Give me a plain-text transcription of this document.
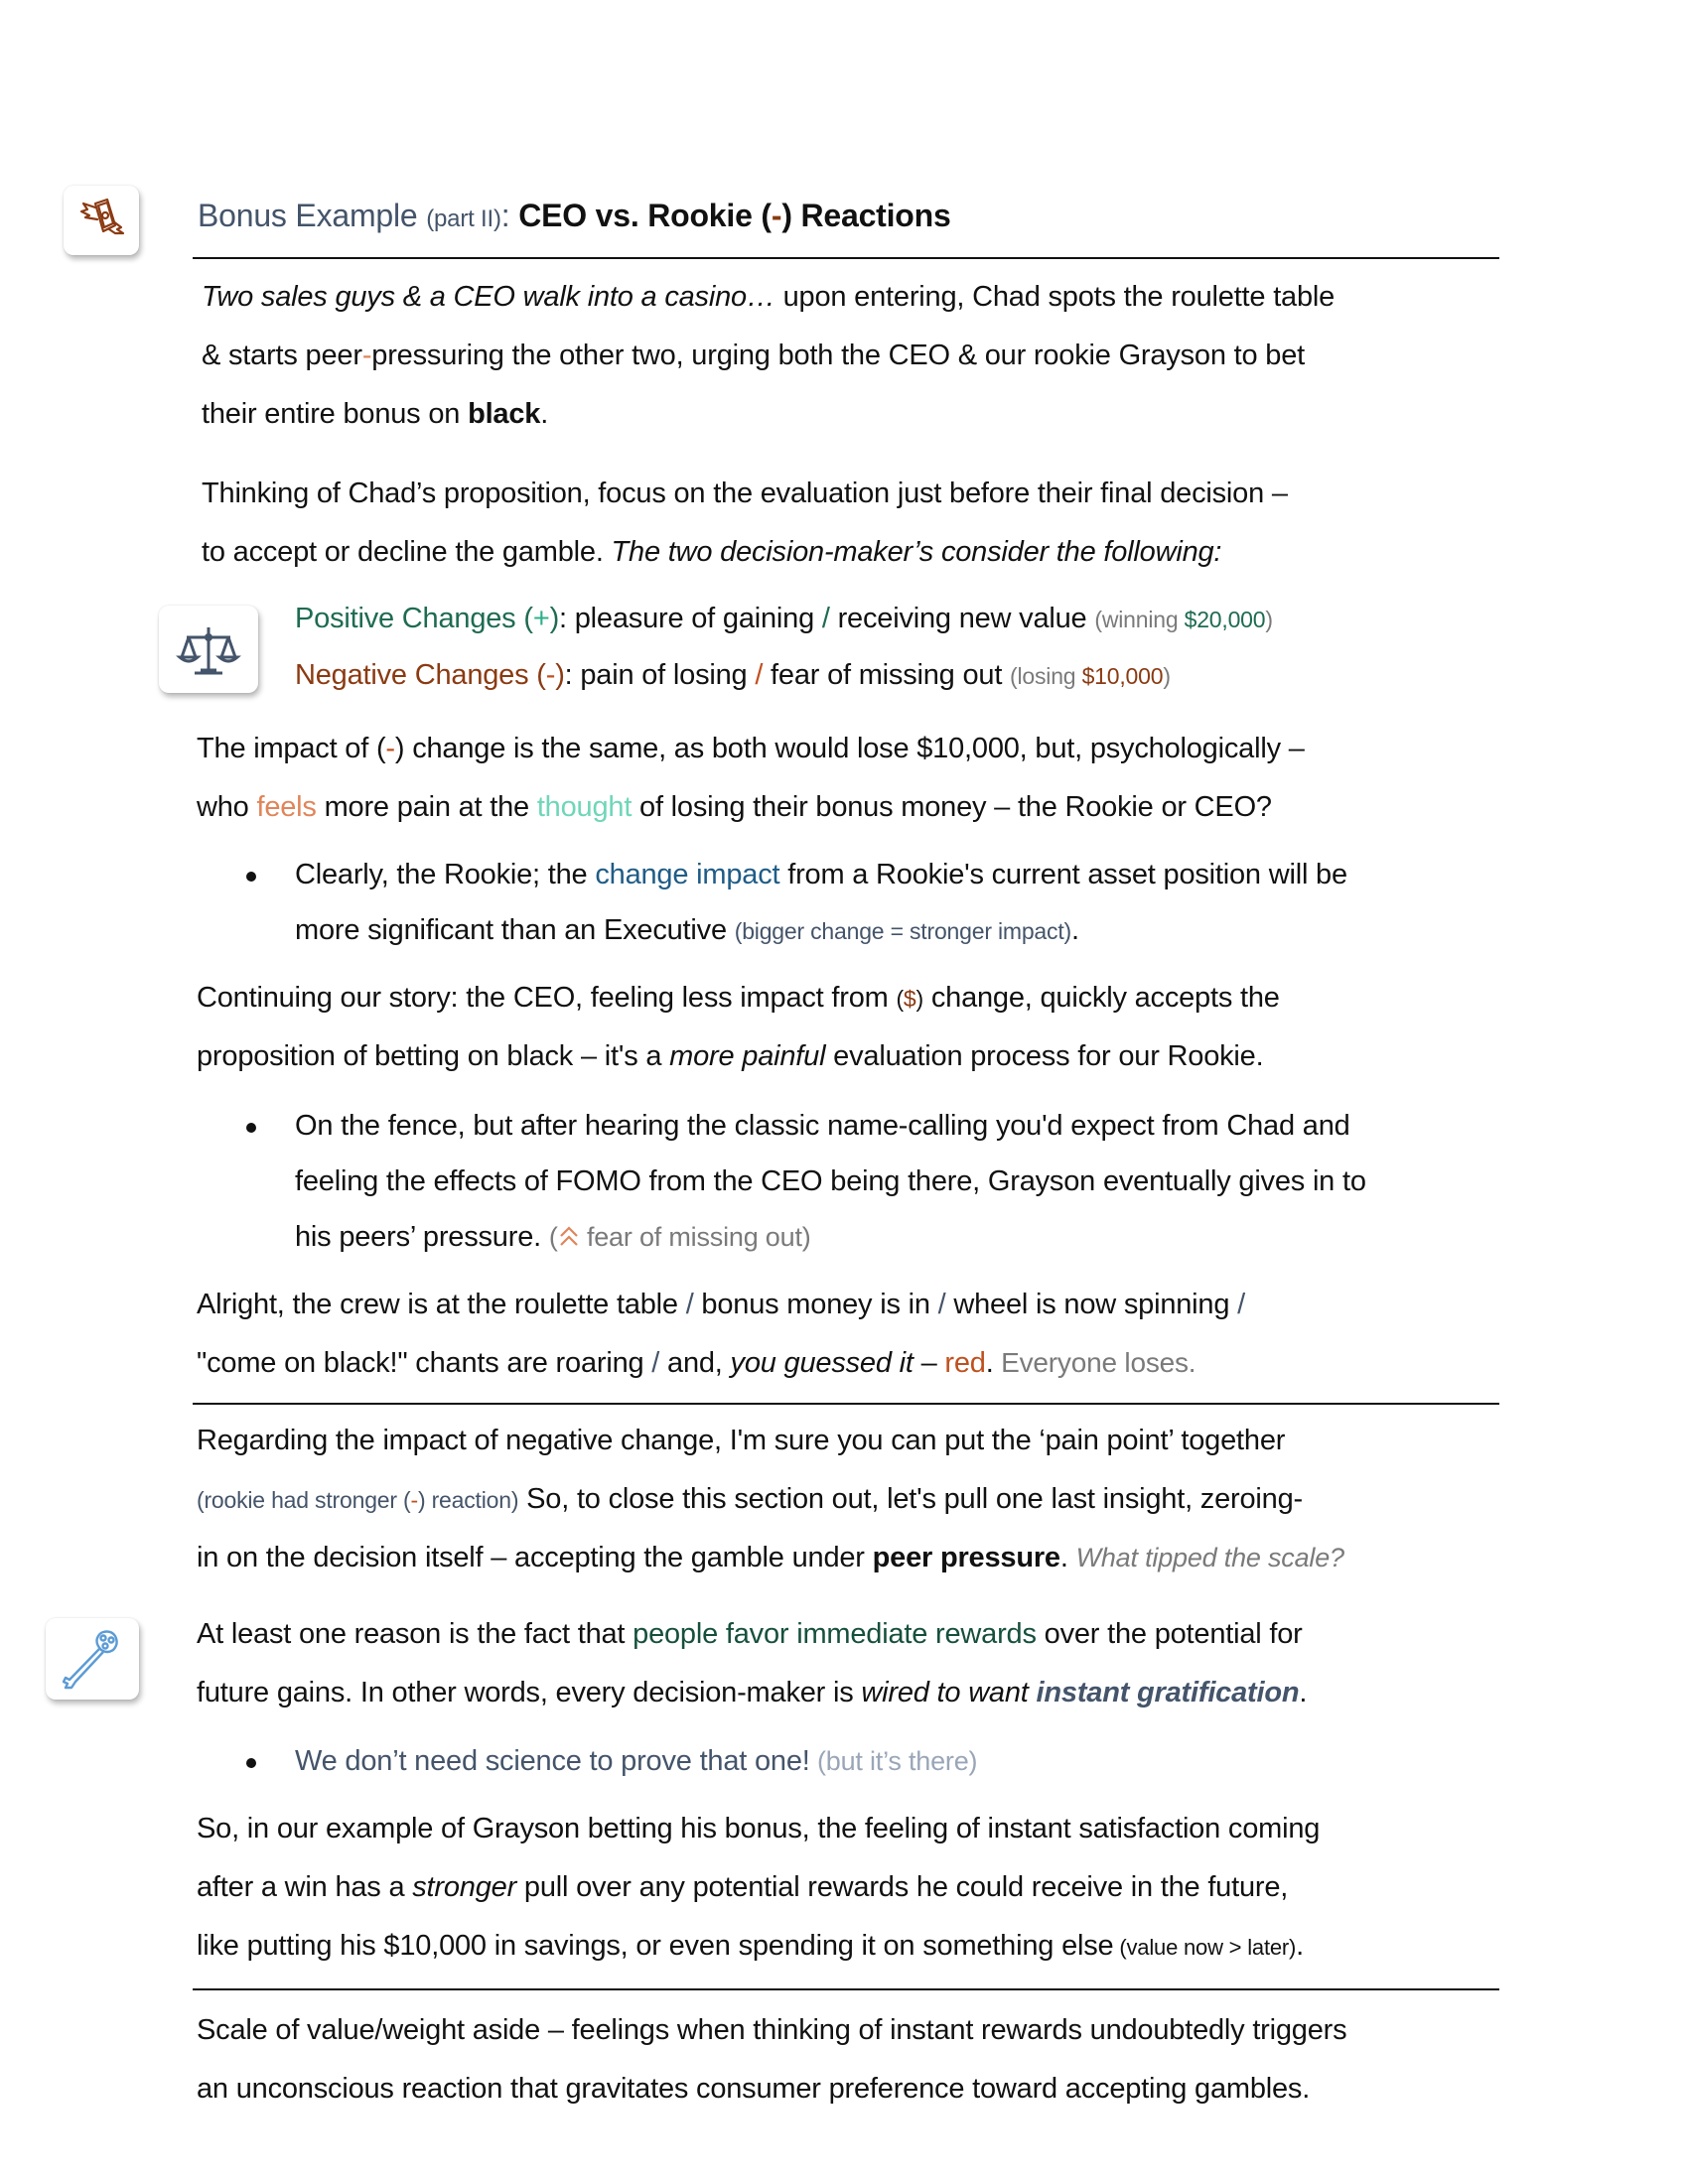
Bonus Example (part II): CEO vs. Rookie (-) Reactions
Two sales guys & a CEO walk into a casino… upon entering, Chad spots the roulette table
& starts peer-pressuring the other two, urging both the CEO & our rookie Grayson to bet
their entire bonus on black.
Thinking of Chad’s proposition, focus on the evaluation just before their final decision –
to accept or decline the gamble. The two decision-maker’s consider the following:
Positive Changes (+): pleasure of gaining / receiving new value (winning $20,000)
Negative Changes (-): pain of losing / fear of missing out (losing $10,000)
The impact of (-) change is the same, as both would lose $10,000, but, psychologically –
who feels more pain at the thought of losing their bonus money – the Rookie or CEO?
Clearly, the Rookie; the change impact from a Rookie's current asset position will be
more significant than an Executive (bigger change = stronger impact).
Continuing our story: the CEO, feeling less impact from ($) change, quickly accepts the
proposition of betting on black – it's a more painful evaluation process for our Rookie.
On the fence, but after hearing the classic name-calling you'd expect from Chad and
feeling the effects of FOMO from the CEO being there, Grayson eventually gives in to
his peers’ pressure. ( fear of missing out)
Alright, the crew is at the roulette table / bonus money is in / wheel is now spinning /
"come on black!" chants are roaring / and, you guessed it – red. Everyone loses.
Regarding the impact of negative change, I'm sure you can put the ‘pain point’ together
(rookie had stronger (-) reaction) So, to close this section out, let's pull one last insight, zeroing-
in on the decision itself – accepting the gamble under peer pressure. What tipped the scale?
At least one reason is the fact that people favor immediate rewards over the potential for
future gains. In other words, every decision-maker is wired to want instant gratification.
We don’t need science to prove that one! (but it’s there)
So, in our example of Grayson betting his bonus, the feeling of instant satisfaction coming
after a win has a stronger pull over any potential rewards he could receive in the future,
like putting his $10,000 in savings, or even spending it on something else (value now > later).
Scale of value/weight aside – feelings when thinking of instant rewards undoubtedly triggers
an unconscious reaction that gravitates consumer preference toward accepting gambles.
